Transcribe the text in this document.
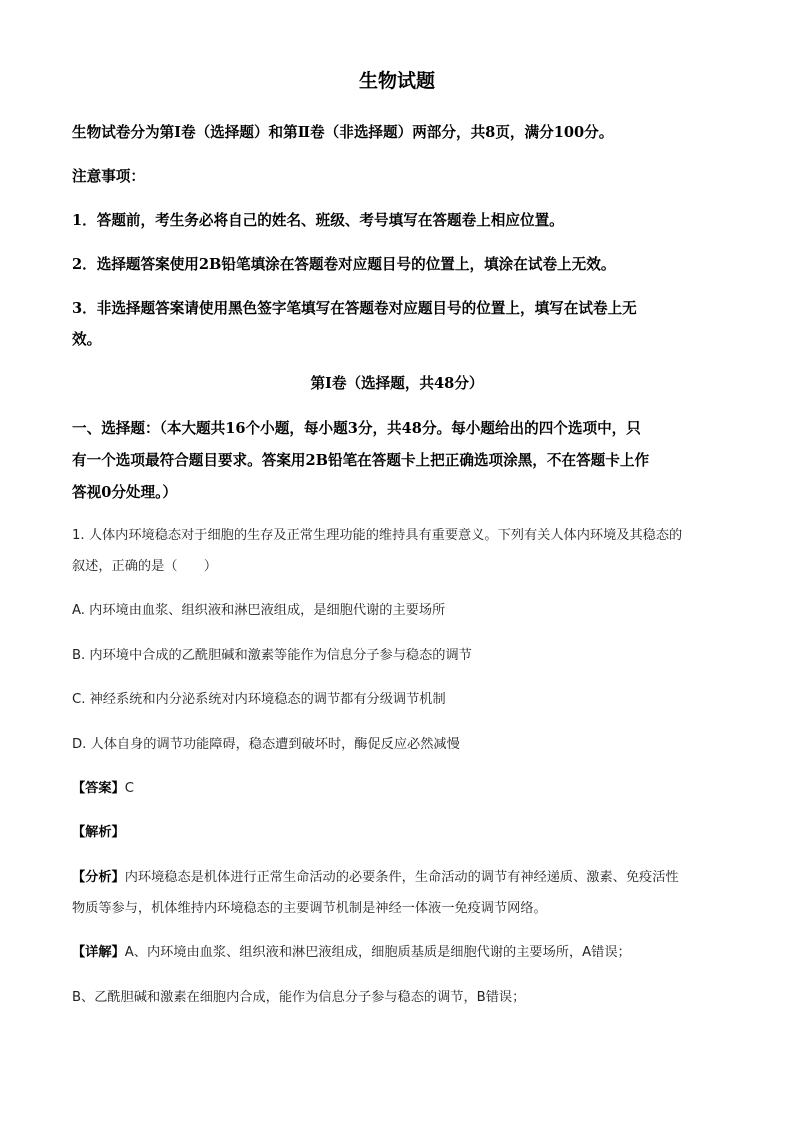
生物试题
生物试卷分为第Ⅰ卷（选择题）和第Ⅱ卷（非选择题）两部分，共8页，满分100分。
注意事项：
1．答题前，考生务必将自己的姓名、班级、考号填写在答题卷上相应位置。
2．选择题答案使用2B铅笔填涂在答题卷对应题目号的位置上，填涂在试卷上无效。
3．非选择题答案请使用黑色签字笔填写在答题卷对应题目号的位置上，填写在试卷上无
效。
第Ⅰ卷（选择题，共48分）
一、选择题：（本大题共16个小题，每小题3分，共48分。每小题给出的四个选项中，只
有一个选项最符合题目要求。答案用2B铅笔在答题卡上把正确选项涂黑，不在答题卡上作
答视0分处理。）
1. 人体内环境稳态对于细胞的生存及正常生理功能的维持具有重要意义。下列有关人体内环境及其稳态的
叙述，正确的是（　　）
A. 内环境由血浆、组织液和淋巴液组成，是细胞代谢的主要场所
B. 内环境中合成的乙酰胆碱和激素等能作为信息分子参与稳态的调节
C. 神经系统和内分泌系统对内环境稳态的调节都有分级调节机制
D. 人体自身的调节功能障碍，稳态遭到破坏时，酶促反应必然减慢
【答案】C
【解析】
【分析】内环境稳态是机体进行正常生命活动的必要条件，生命活动的调节有神经递质、激素、免疫活性
物质等参与，机体维持内环境稳态的主要调节机制是神经一体液一免疫调节网络。
【详解】A、内环境由血浆、组织液和淋巴液组成，细胞质基质是细胞代谢的主要场所，A错误；
B、乙酰胆碱和激素在细胞内合成，能作为信息分子参与稳态的调节，B错误；
